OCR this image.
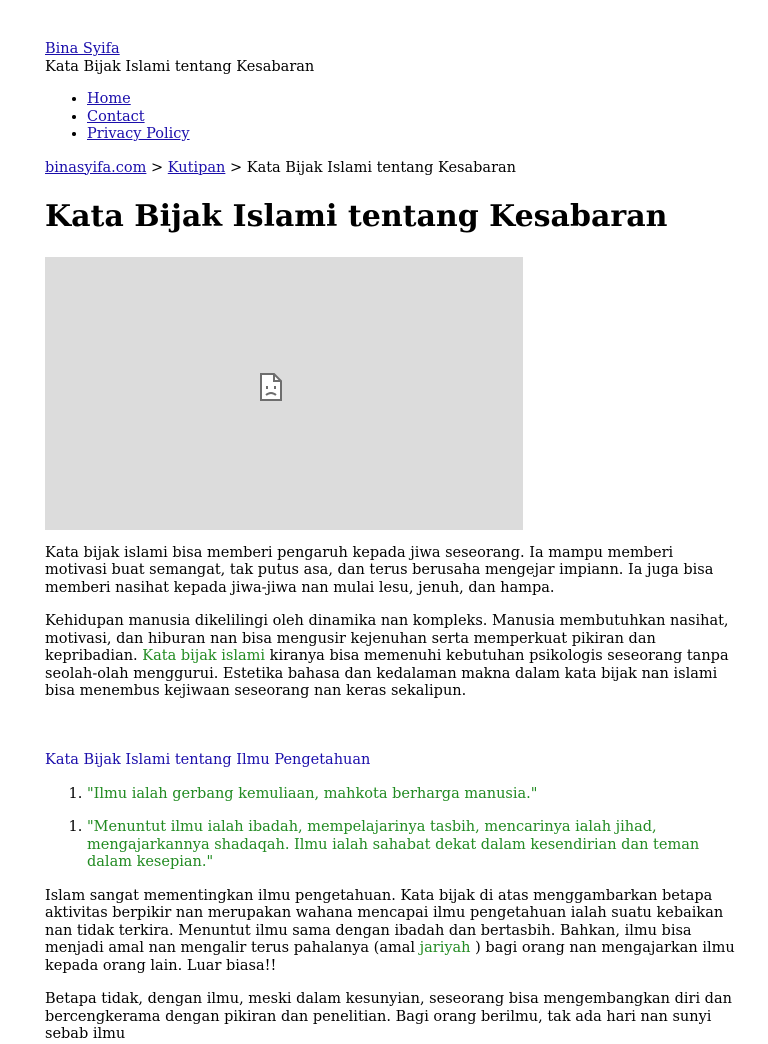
Bina Syifa
Kata Bijak Islami tentang Kesabaran
• Home
• Contact
• Privacy Policy
binasyifa.com > Kutipan > Kata Bijak Islami tentang Kesabaran
Kata Bijak Islami tentang Kesabaran

Kata bijak islami bisa memberi pengaruh kepada jiwa seseorang. Ia mampu memberi motivasi buat semangat, tak putus asa, dan terus berusaha mengejar impiann. Ia juga bisa memberi nasihat kepada jiwa-jiwa nan mulai lesu, jenuh, dan hampa.

Kehidupan manusia dikelilingi oleh dinamika nan kompleks. Manusia membutuhkan nasihat, motivasi, dan hiburan nan bisa mengusir kejenuhan serta memperkuat pikiran dan kepribadian. Kata bijak islami kiranya bisa memenuhi kebutuhan psikologis seseorang tanpa seolah-olah menggurui. Estetika bahasa dan kedalaman makna dalam kata bijak nan islami bisa menembus kejiwaan seseorang nan keras sekalipun.

Kata Bijak Islami tentang Ilmu Pengetahuan
1. "Ilmu ialah gerbang kemuliaan, mahkota berharga manusia."
1. "Menuntut ilmu ialah ibadah, mempelajarinya tasbih, mencarinya ialah jihad, mengajarkannya shadaqah. Ilmu ialah sahabat dekat dalam kesendirian dan teman dalam kesepian."

Islam sangat mementingkan ilmu pengetahuan. Kata bijak di atas menggambarkan betapa aktivitas berpikir nan merupakan wahana mencapai ilmu pengetahuan ialah suatu kebaikan nan tidak terkira. Menuntut ilmu sama dengan ibadah dan bertasbih. Bahkan, ilmu bisa menjadi amal nan mengalir terus pahalanya (amal jariyah ) bagi orang nan mengajarkan ilmu kepada orang lain. Luar biasa!!

Betapa tidak, dengan ilmu, meski dalam kesunyian, seseorang bisa mengembangkan diri dan bercengkerama dengan pikiran dan penelitian. Bagi orang berilmu, tak ada hari nan sunyi sebab ilmu
